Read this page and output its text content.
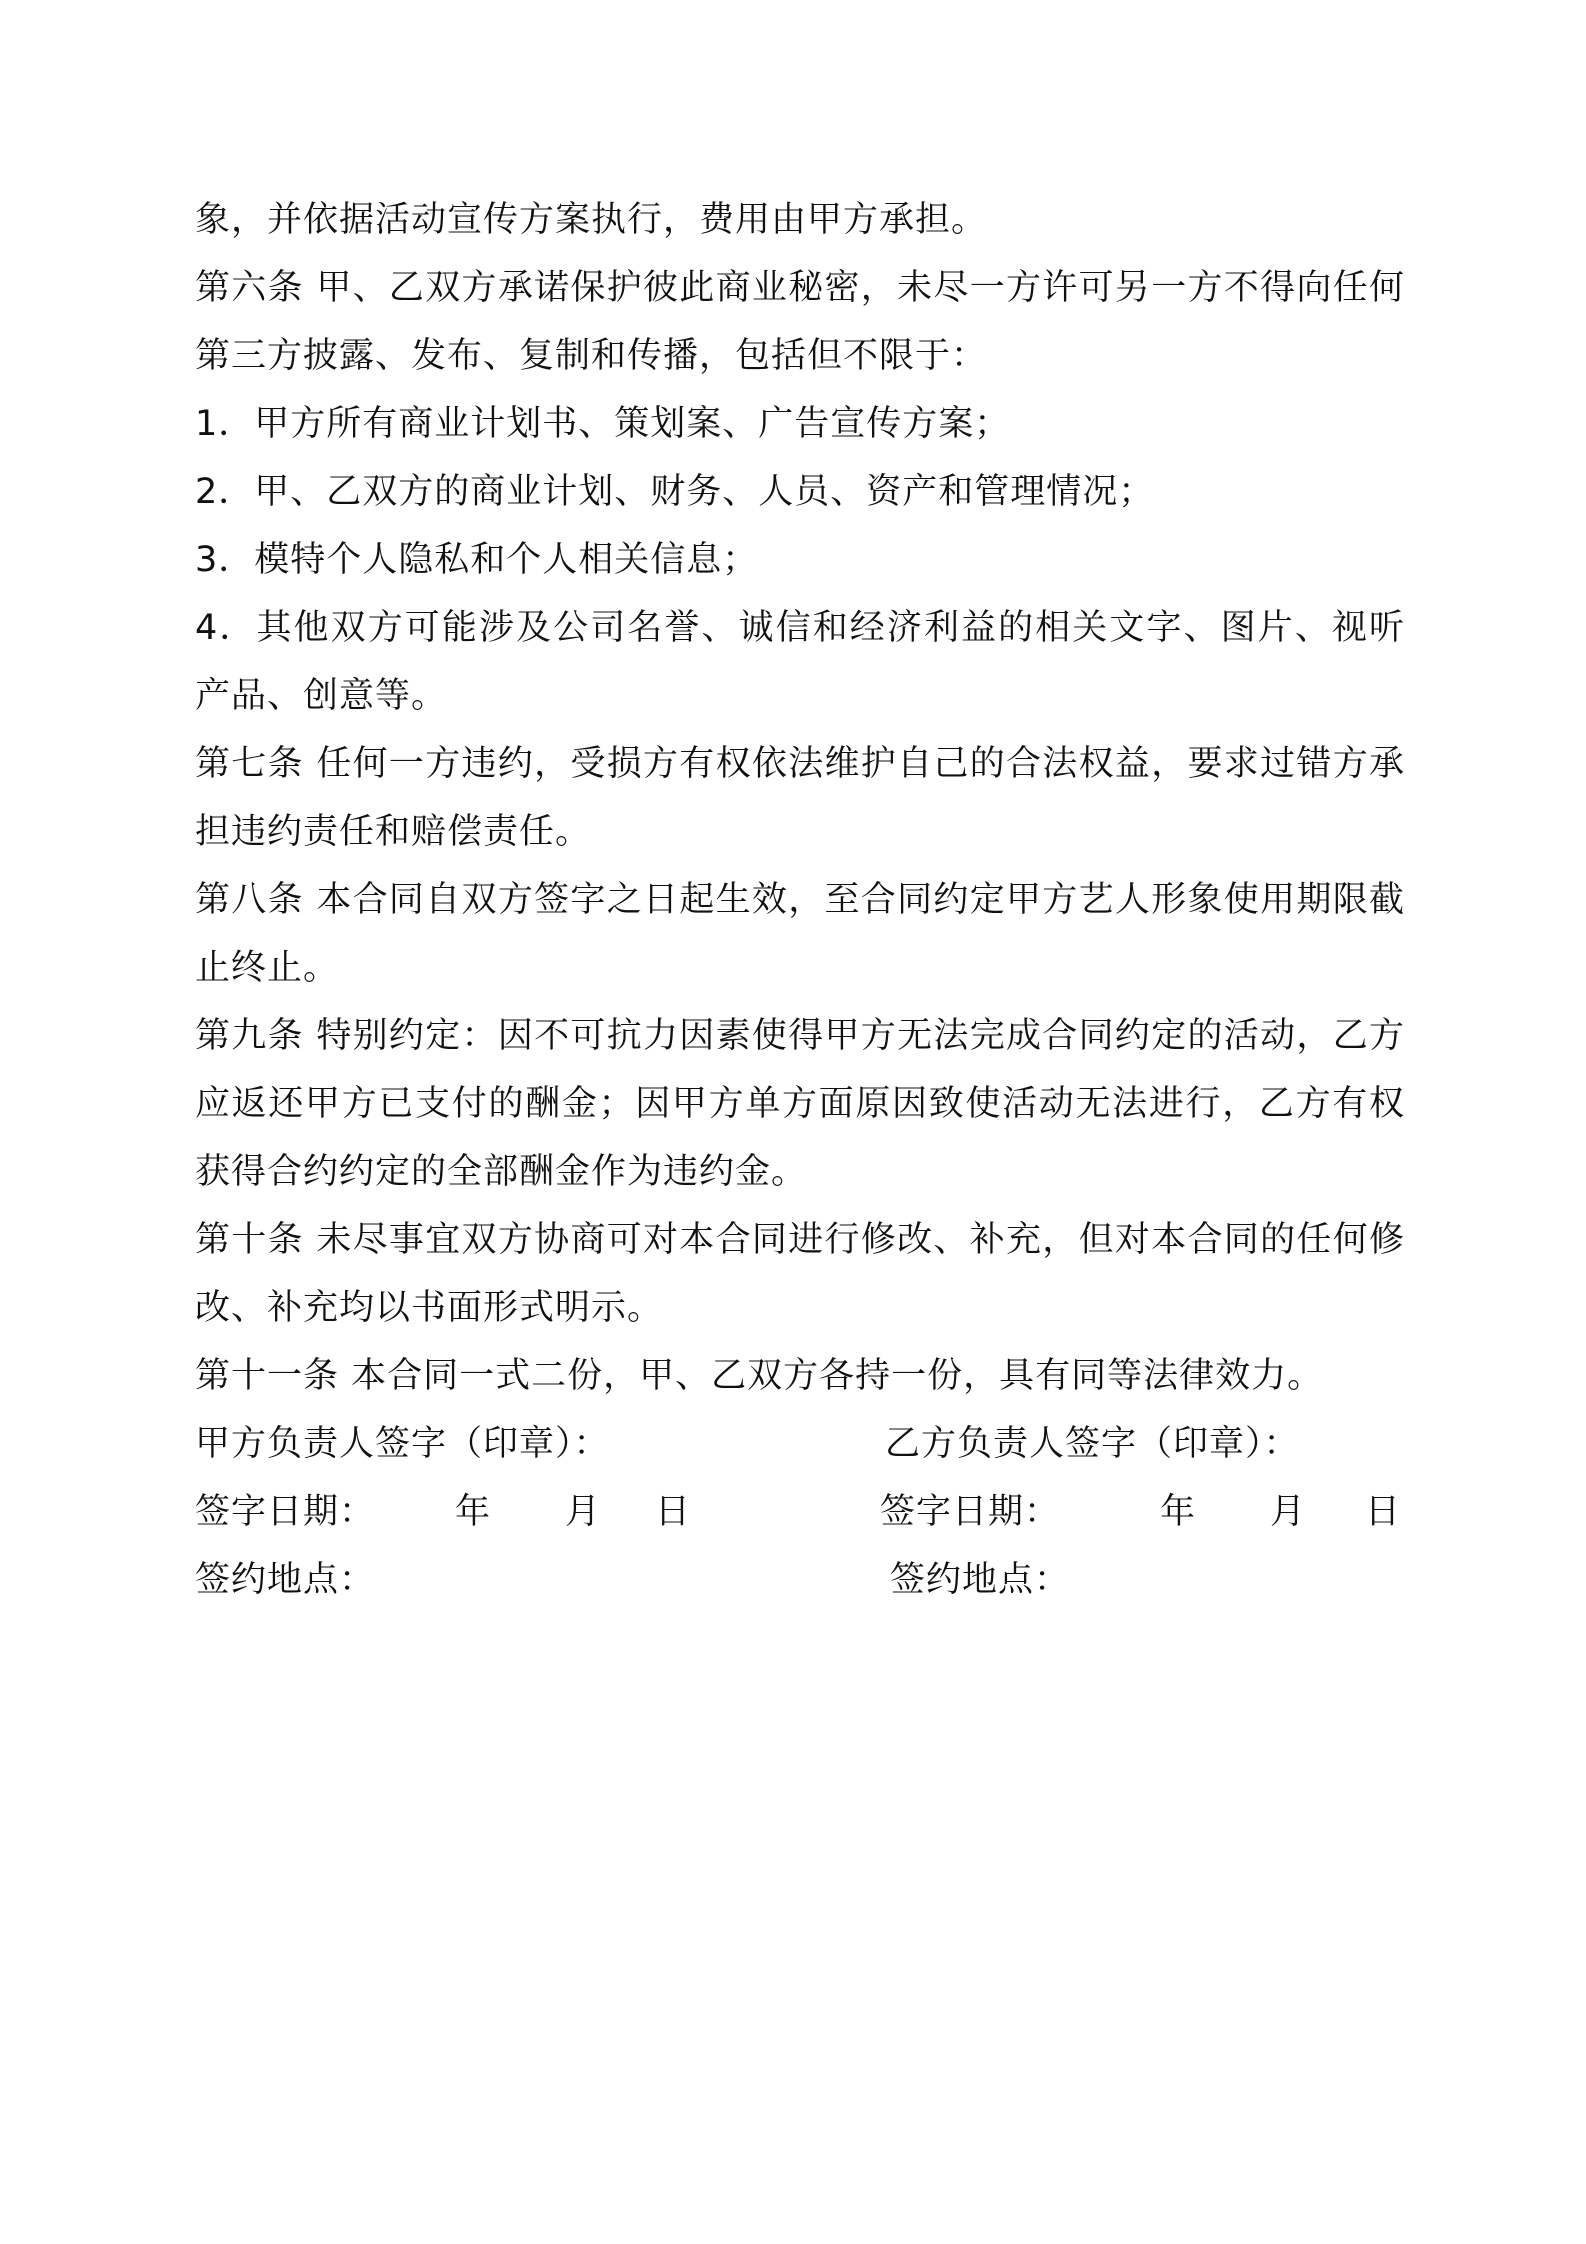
象，并依据活动宣传方案执行，费用由甲方承担。

第六条 甲、乙双方承诺保护彼此商业秘密，未尽一方许可另一方不得向任何第三方披露、发布、复制和传播，包括但不限于：

1．甲方所有商业计划书、策划案、广告宣传方案；

2．甲、乙双方的商业计划、财务、人员、资产和管理情况；

3．模特个人隐私和个人相关信息；

4．其他双方可能涉及公司名誉、诚信和经济利益的相关文字、图片、视听产品、创意等。

第七条 任何一方违约，受损方有权依法维护自己的合法权益，要求过错方承担违约责任和赔偿责任。

第八条 本合同自双方签字之日起生效，至合同约定甲方艺人形象使用期限截止终止。

第九条 特别约定：因不可抗力因素使得甲方无法完成合同约定的活动，乙方应返还甲方已支付的酬金；因甲方单方面原因致使活动无法进行，乙方有权获得合约约定的全部酬金作为违约金。

第十条 未尽事宜双方协商可对本合同进行修改、补充，但对本合同的任何修改、补充均以书面形式明示。

第十一条 本合同一式二份，甲、乙双方各持一份，具有同等法律效力。

甲方负责人签字（印章）：	乙方负责人签字（印章）：
签字日期： 年 月 日	签字日期：	年 月 日
签约地点：	签约地点：
